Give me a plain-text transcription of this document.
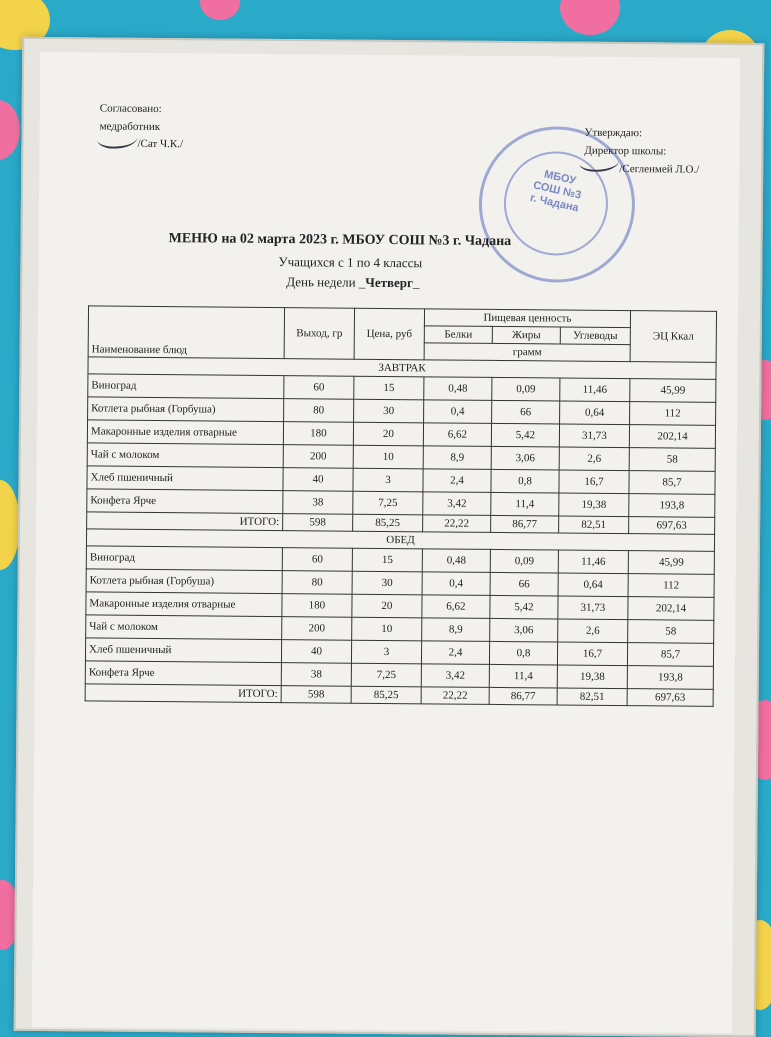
Согласовано:
медработник
/Сат Ч.К./
МБОУ
СОШ №3
г. Чадана
Утверждаю:
Директор школы:
/Сегленмей Л.О./
МЕНЮ на 02 марта 2023 г. МБОУ СОШ №3 г. Чадана
Учащихся с 1 по 4 классы
День недели _Четверг_
Наименование блюд	Выход, гр	Цена, руб	Пищевая ценность			ЭЦ Ккал
			Белки	Жиры	Углеводы	
			грамм			
ЗАВТРАК						
Виноград	60	15	0,48	0,09	11,46	45,99
Котлета рыбная (Горбуша)	80	30	0,4	66	0,64	112
Макаронные изделия отварные	180	20	6,62	5,42	31,73	202,14
Чай с молоком	200	10	8,9	3,06	2,6	58
Хлеб пшеничный	40	3	2,4	0,8	16,7	85,7
Конфета Ярче	38	7,25	3,42	11,4	19,38	193,8
ИТОГО:	598	85,25	22,22	86,77	82,51	697,63
ОБЕД						
Виноград	60	15	0,48	0,09	11,46	45,99
Котлета рыбная (Горбуша)	80	30	0,4	66	0,64	112
Макаронные изделия отварные	180	20	6,62	5,42	31,73	202,14
Чай с молоком	200	10	8,9	3,06	2,6	58
Хлеб пшеничный	40	3	2,4	0,8	16,7	85,7
Конфета Ярче	38	7,25	3,42	11,4	19,38	193,8
ИТОГО:	598	85,25	22,22	86,77	82,51	697,63
